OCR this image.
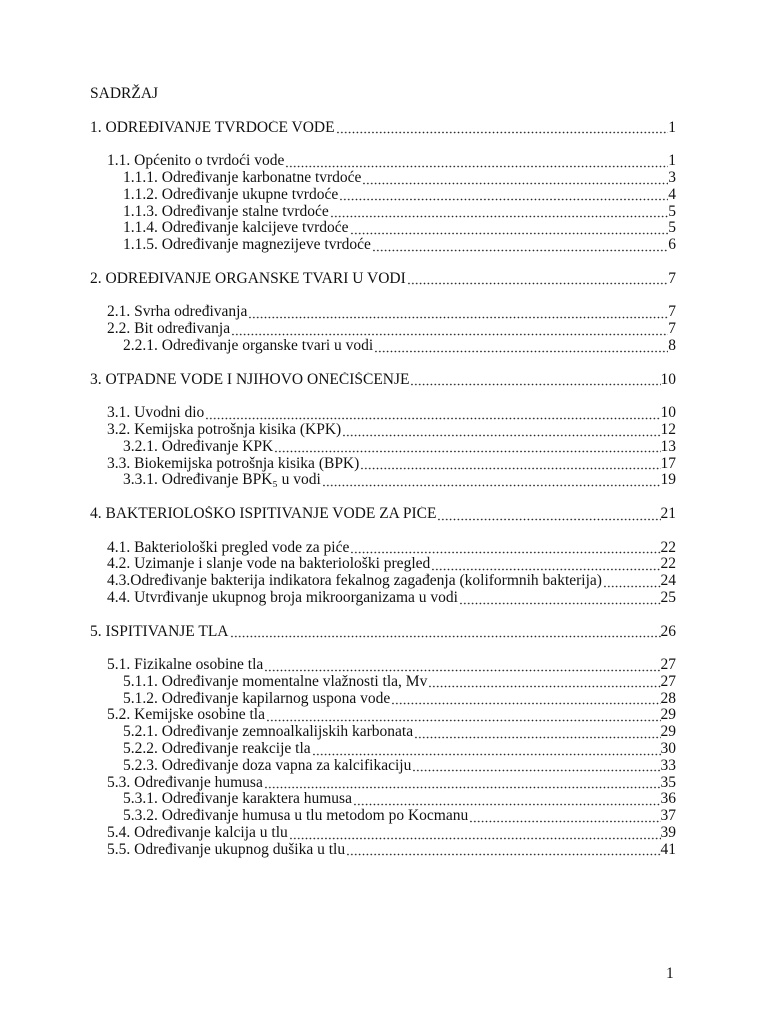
SADRŽAJ
1. ODREĐIVANJE TVRDOĆE VODE	1
1.1. Općenito o tvrdoći vode	1
1.1.1. Određivanje karbonatne tvrdoće	3
1.1.2. Određivanje ukupne tvrdoće	4
1.1.3. Određivanje stalne tvrdoće	5
1.1.4. Određivanje kalcijeve tvrdoće	5
1.1.5. Određivanje magnezijeve tvrdoće	6
2. ODREĐIVANJE ORGANSKE TVARI U VODI	7
2.1. Svrha određivanja	7
2.2. Bit određivanja	7
2.2.1. Određivanje organske tvari u vodi	8
3. OTPADNE VODE I NJIHOVO ONEČIŠĆENJE	10
3.1. Uvodni dio	10
3.2. Kemijska potrošnja kisika (KPK)	12
3.2.1. Određivanje KPK	13
3.3. Biokemijska potrošnja kisika (BPK)	17
3.3.1. Određivanje BPK₅ u vodi	19
4. BAKTERIOLOŠKO ISPITIVANJE VODE ZA PIĆE	21
4.1. Bakteriološki pregled vode za piće	22
4.2. Uzimanje i slanje vode na bakteriološki pregled	22
4.3.Određivanje bakterija indikatora fekalnog zagađenja (koliformnih bakterija)	24
4.4. Utvrđivanje ukupnog broja mikroorganizama u vodi	25
5. ISPITIVANJE TLA	26
5.1. Fizikalne osobine tla	27
5.1.1. Određivanje momentalne vlažnosti tla, Mv	27
5.1.2. Određivanje kapilarnog uspona vode	28
5.2. Kemijske osobine tla	29
5.2.1. Određivanje zemnoalkalijskih karbonata	29
5.2.2. Određivanje reakcije tla	30
5.2.3. Određivanje doza vapna za kalcifikaciju	33
5.3. Određivanje humusa	35
5.3.1. Određivanje karaktera humusa	36
5.3.2. Određivanje humusa u tlu metodom po Kocmanu	37
5.4. Određivanje kalcija u tlu	39
5.5. Određivanje ukupnog dušika u tlu	41
1
